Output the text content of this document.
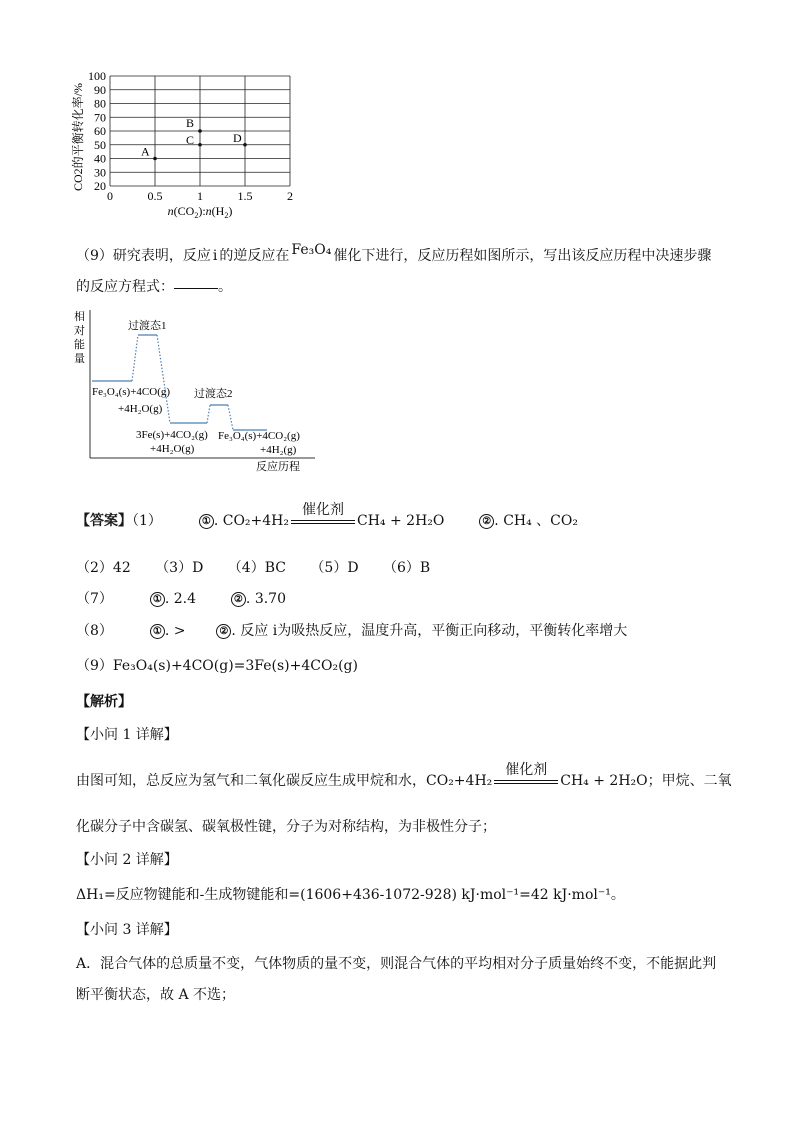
20
30
40
50
60
70
80
90
100
0	0.5	1	1.5	2
A
B
C	D
CO2的平衡转化率/%
$n(CO_2):n(H_2)$
（9）研究表明，反应 ⅰ 的逆反应在 Fe₃O₄ 催化下进行，反应历程如图所示，写出该反应历程中决速步骤
的反应方程式：	。
相
对
能
量
反应历程
过渡态1
过渡态2
Fe₃O₄(s)+4CO(g)
+4H₂O(g)
3Fe(s)+4CO₂(g)
+4H₂O(g)
Fe₃O₄(s)+4CO₂(g)
+4H₂(g)
【答案】（1）	① . CO₂+4H₂
催化剂
CH₄ + 2H₂O	② . CH₄ 、CO₂
（2）42 （3）D （4）BC （5）D （6）B
（7）	① . 2.4	② . 3.70
（8）	① . >	② . 反应 i为吸热反应，温度升高，平衡正向移动，平衡转化率增大
（9）Fe₃O₄(s)+4CO(g)=3Fe(s)+4CO₂(g)
【解析】
【小问 1 详解】
由图可知，总反应为氢气和二氧化碳反应生成甲烷和水，CO₂+4H₂
催化剂
CH₄ + 2H₂O；甲烷、二氧
化碳分子中含碳氢、碳氧极性键，分子为对称结构，为非极性分子；
【小问 2 详解】
ΔH₁=反应物键能和-生成物键能和=(1606+436-1072-928) kJ·mol⁻¹=42 kJ·mol⁻¹。
【小问 3 详解】
A．混合气体的总质量不变，气体物质的量不变，则混合气体的平均相对分子质量始终不变，不能据此判
断平衡状态，故 A 不选；
